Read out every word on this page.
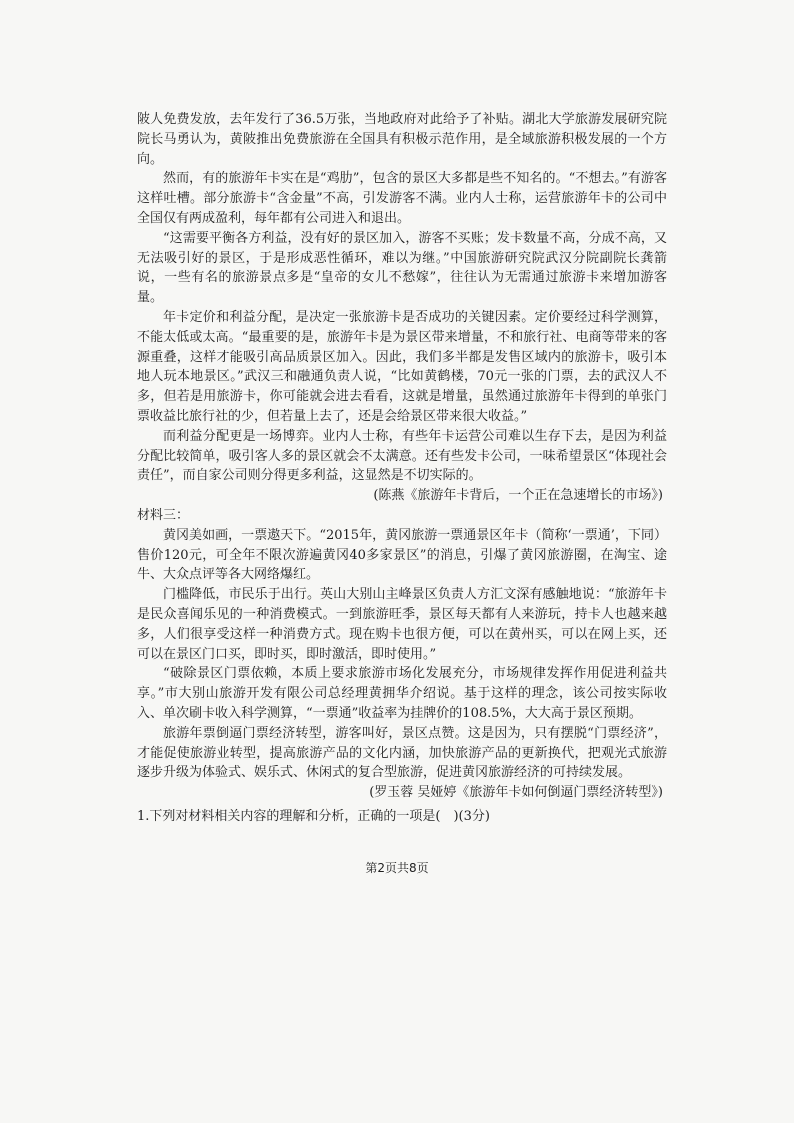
陂人免费发放，去年发行了36.5万张，当地政府对此给予了补贴。湖北大学旅游发展研究院院长马勇认为，黄陂推出免费旅游在全国具有积极示范作用，是全域旅游积极发展的一个方向。

然而，有的旅游年卡实在是“鸡肋”，包含的景区大多都是些不知名的。“不想去。”有游客这样吐槽。部分旅游卡“含金量”不高，引发游客不满。业内人士称，运营旅游年卡的公司中全国仅有两成盈利，每年都有公司进入和退出。

“这需要平衡各方利益，没有好的景区加入，游客不买账；发卡数量不高，分成不高，又无法吸引好的景区，于是形成恶性循环，难以为继。”中国旅游研究院武汉分院副院长龚箭说，一些有名的旅游景点多是“皇帝的女儿不愁嫁”，往往认为无需通过旅游卡来增加游客量。

年卡定价和利益分配，是决定一张旅游卡是否成功的关键因素。定价要经过科学测算，不能太低或太高。“最重要的是，旅游年卡是为景区带来增量，不和旅行社、电商等带来的客源重叠，这样才能吸引高品质景区加入。因此，我们多半都是发售区域内的旅游卡，吸引本地人玩本地景区。”武汉三和融通负责人说，“比如黄鹤楼，70元一张的门票，去的武汉人不多，但若是用旅游卡，你可能就会进去看看，这就是增量，虽然通过旅游年卡得到的单张门票收益比旅行社的少，但若量上去了，还是会给景区带来很大收益。”

而利益分配更是一场博弈。业内人士称，有些年卡运营公司难以生存下去，是因为利益分配比较简单，吸引客人多的景区就会不太满意。还有些发卡公司，一味希望景区“体现社会责任”，而自家公司则分得更多利益，这显然是不切实际的。

(陈燕《旅游年卡背后，一个正在急速增长的市场》)

材料三：

黄冈美如画，一票遨天下。“2015年，黄冈旅游一票通景区年卡（简称‘一票通’，下同）售价120元，可全年不限次游遍黄冈40多家景区”的消息，引爆了黄冈旅游圈，在淘宝、途牛、大众点评等各大网络爆红。

门槛降低，市民乐于出行。英山大别山主峰景区负责人方汇文深有感触地说：“旅游年卡是民众喜闻乐见的一种消费模式。一到旅游旺季，景区每天都有人来游玩，持卡人也越来越多，人们很享受这样一种消费方式。现在购卡也很方便，可以在黄州买，可以在网上买，还可以在景区门口买，即时买，即时激活，即时使用。”

“破除景区门票依赖，本质上要求旅游市场化发展充分，市场规律发挥作用促进利益共享。”市大别山旅游开发有限公司总经理黄拥华介绍说。基于这样的理念，该公司按实际收入、单次刷卡收入科学测算，“一票通”收益率为挂牌价的108.5%，大大高于景区预期。

旅游年票倒逼门票经济转型，游客叫好，景区点赞。这是因为，只有摆脱“门票经济”，才能促使旅游业转型，提高旅游产品的文化内涵，加快旅游产品的更新换代，把观光式旅游逐步升级为体验式、娱乐式、休闲式的复合型旅游，促进黄冈旅游经济的可持续发展。

(罗玉蓉 吴娅婷《旅游年卡如何倒逼门票经济转型》)

1.下列对材料相关内容的理解和分析，正确的一项是(　)(3分)

第2页共8页
